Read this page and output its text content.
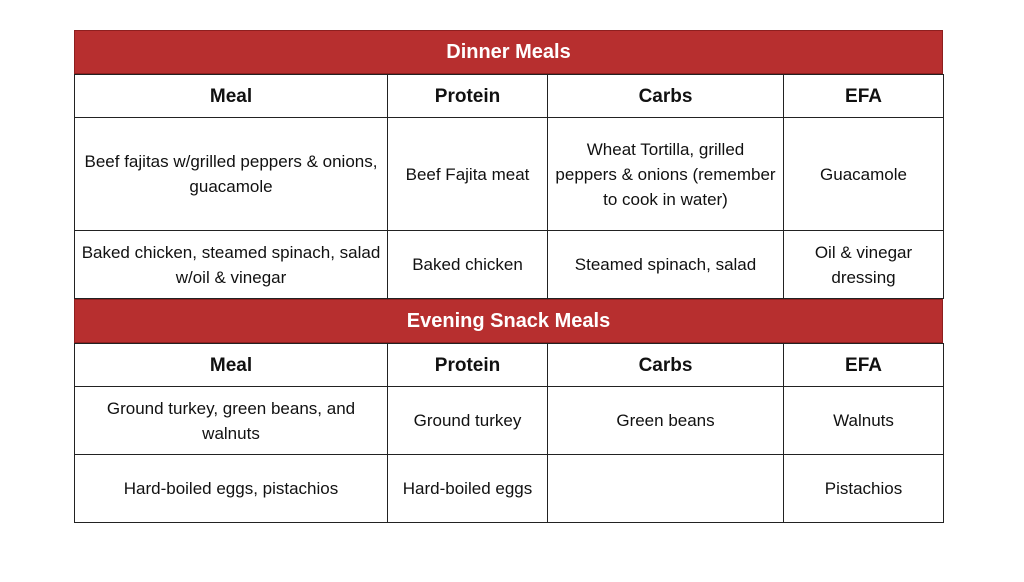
Dinner Meals
Meal	Protein	Carbs	EFA
Beef fajitas w/grilled peppers & onions, guacamole	Beef Fajita meat	Wheat Tortilla, grilled peppers & onions (remember to cook in water)	Guacamole
Baked chicken, steamed spinach, salad w/oil & vinegar	Baked chicken	Steamed spinach, salad	Oil & vinegar dressing
Evening Snack Meals
Meal	Protein	Carbs	EFA
Ground turkey, green beans, and walnuts	Ground turkey	Green beans	Walnuts
Hard-boiled eggs, pistachios	Hard-boiled eggs		Pistachios
